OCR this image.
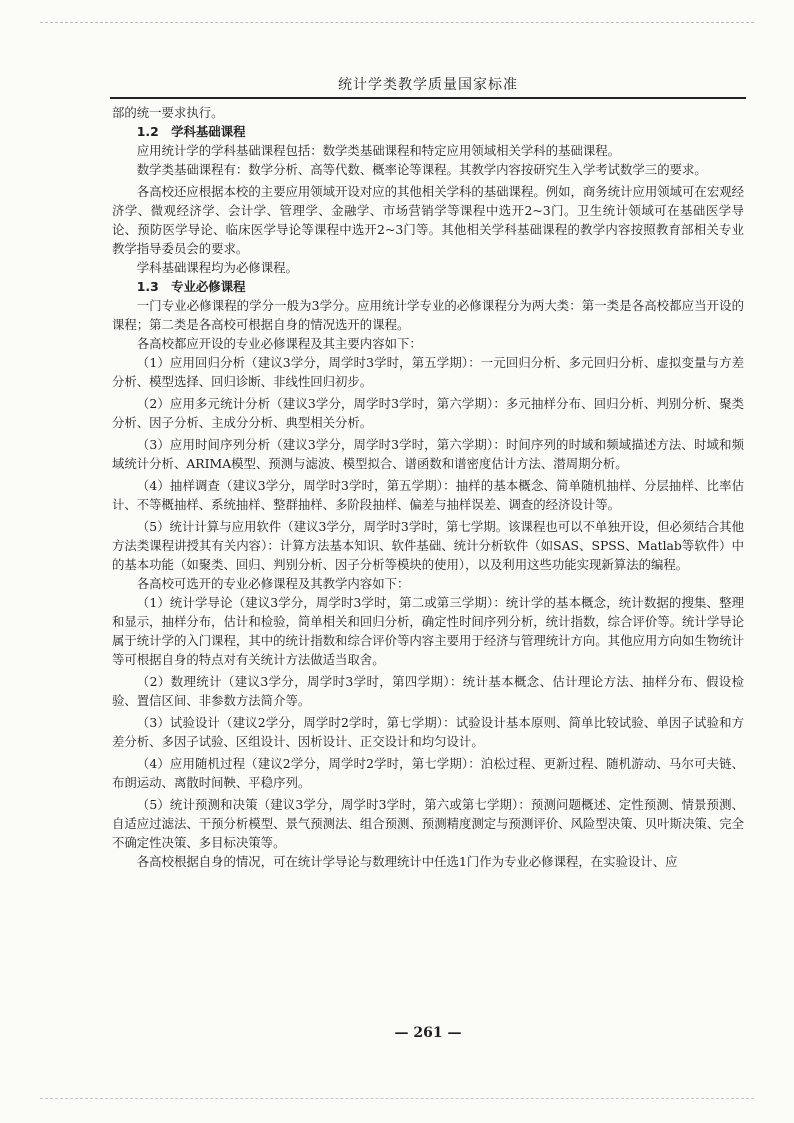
统计学类教学质量国家标准

部的统一要求执行。

1.2　学科基础课程

应用统计学的学科基础课程包括：数学类基础课程和特定应用领域相关学科的基础课程。

数学类基础课程有：数学分析、高等代数、概率论等课程。其教学内容按研究生入学考试数学三的要求。

各高校还应根据本校的主要应用领域开设对应的其他相关学科的基础课程。例如，商务统计应用领域可在宏观经济学、微观经济学、会计学、管理学、金融学、市场营销学等课程中选开2~3门。卫生统计领域可在基础医学导论、预防医学导论、临床医学导论等课程中选开2~3门等。其他相关学科基础课程的教学内容按照教育部相关专业教学指导委员会的要求。

学科基础课程均为必修课程。

1.3　专业必修课程

一门专业必修课程的学分一般为3学分。应用统计学专业的必修课程分为两大类：第一类是各高校都应当开设的课程；第二类是各高校可根据自身的情况选开的课程。

各高校都应开设的专业必修课程及其主要内容如下：

（1）应用回归分析（建议3学分，周学时3学时，第五学期）：一元回归分析、多元回归分析、虚拟变量与方差分析、模型选择、回归诊断、非线性回归初步。

（2）应用多元统计分析（建议3学分，周学时3学时，第六学期）：多元抽样分布、回归分析、判别分析、聚类分析、因子分析、主成分分析、典型相关分析。

（3）应用时间序列分析（建议3学分，周学时3学时，第六学期）：时间序列的时域和频域描述方法、时域和频域统计分析、ARIMA模型、预测与滤波、模型拟合、谱函数和谱密度估计方法、潜周期分析。

（4）抽样调查（建议3学分，周学时3学时，第五学期）：抽样的基本概念、简单随机抽样、分层抽样、比率估计、不等概抽样、系统抽样、整群抽样、多阶段抽样、偏差与抽样误差、调查的经济设计等。

（5）统计计算与应用软件（建议3学分，周学时3学时，第七学期。该课程也可以不单独开设，但必须结合其他方法类课程讲授其有关内容）：计算方法基本知识、软件基础、统计分析软件（如SAS、SPSS、Matlab等软件）中的基本功能（如聚类、回归、判别分析、因子分析等模块的使用），以及利用这些功能实现新算法的编程。

各高校可选开的专业必修课程及其教学内容如下：

（1）统计学导论（建议3学分，周学时3学时，第二或第三学期）：统计学的基本概念，统计数据的搜集、整理和显示，抽样分布，估计和检验，简单相关和回归分析，确定性时间序列分析，统计指数，综合评价等。统计学导论属于统计学的入门课程，其中的统计指数和综合评价等内容主要用于经济与管理统计方向。其他应用方向如生物统计等可根据自身的特点对有关统计方法做适当取舍。

（2）数理统计（建议3学分，周学时3学时，第四学期）：统计基本概念、估计理论方法、抽样分布、假设检验、置信区间、非参数方法简介等。

（3）试验设计（建议2学分，周学时2学时，第七学期）：试验设计基本原则、简单比较试验、单因子试验和方差分析、多因子试验、区组设计、因析设计、正交设计和均匀设计。

（4）应用随机过程（建议2学分，周学时2学时，第七学期）：泊松过程、更新过程、随机游动、马尔可夫链、布朗运动、离散时间鞅、平稳序列。

（5）统计预测和决策（建议3学分，周学时3学时，第六或第七学期）：预测问题概述、定性预测、情景预测、自适应过滤法、干预分析模型、景气预测法、组合预测、预测精度测定与预测评价、风险型决策、贝叶斯决策、完全不确定性决策、多目标决策等。

各高校根据自身的情况，可在统计学导论与数理统计中任选1门作为专业必修课程，在实验设计、应

— 261 —
